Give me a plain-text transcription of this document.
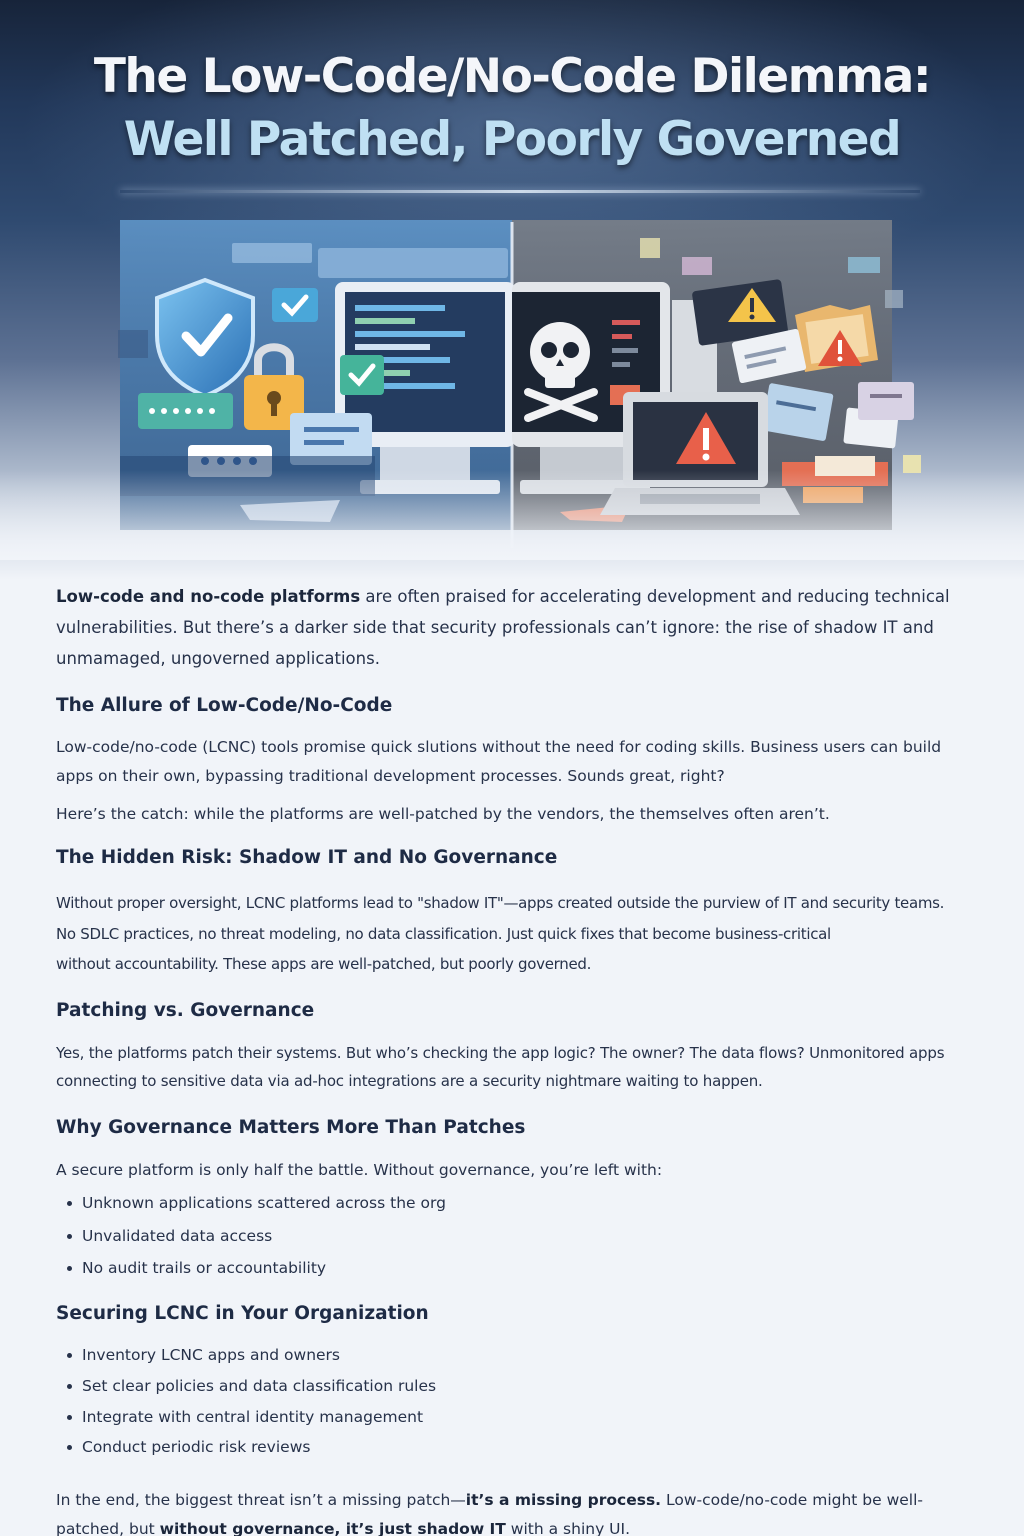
The Low-Code/No-Code Dilemma:
Well Patched, Poorly Governed

Low-code and no-code platforms are often praised for accelerating development and reducing technical vulnerabilities. But there’s a darker side that security professionals can’t ignore: the rise of shadow IT and unmamaged, ungoverned applications.

The Allure of Low-Code/No-Code

Low-code/no-code (LCNC) tools promise quick slutions without the need for coding skills. Business users can build apps on their own, bypassing traditional development processes. Sounds great, right?

Here’s the catch: while the platforms are well-patched by the vendors, the themselves often aren’t.

The Hidden Risk: Shadow IT and No Governance

Without proper oversight, LCNC platforms lead to "shadow IT"—apps created outside the purview of IT and security teams.

No SDLC practices, no threat modeling, no data classification. Just quick fixes that become business-critical

without accountability. These apps are well-patched, but poorly governed.

Patching vs. Governance

Yes, the platforms patch their systems. But who’s checking the app logic? The owner? The data flows? Unmonitored apps connecting to sensitive data via ad-hoc integrations are a security nightmare waiting to happen.

Why Governance Matters More Than Patches

A secure platform is only half the battle. Without governance, you’re left with:

Unknown applications scattered across the org
Unvalidated data access
No audit trails or accountability
Securing LCNC in Your Organization
Inventory LCNC apps and owners
Set clear policies and data classification rules
Integrate with central identity management
Conduct periodic risk reviews

In the end, the biggest threat isn’t a missing patch—it’s a missing process. Low-code/no-code might be well-patched, but without governance, it’s just shadow IT with a shiny UI.
